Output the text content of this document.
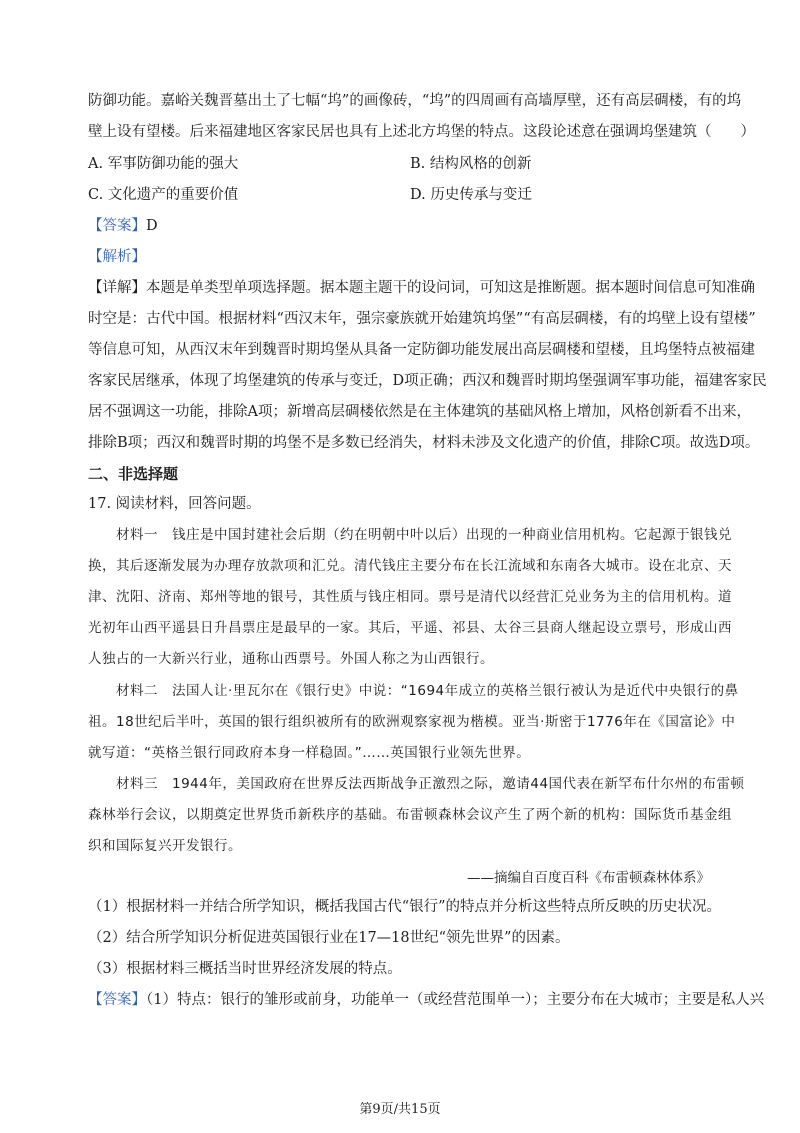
防御功能。嘉峪关魏晋墓出土了七幅“坞”的画像砖，“坞”的四周画有高墙厚壁，还有高层碉楼，有的坞

壁上设有望楼。后来福建地区客家民居也具有上述北方坞堡的特点。这段论述意在强调坞堡建筑（　　）

A. 军事防御功能的强大	B. 结构风格的创新
C. 文化遗产的重要价值	D. 历史传承与变迁

【答案】D

【解析】

【详解】本题是单类型单项选择题。据本题主题干的设问词，可知这是推断题。据本题时间信息可知准确

时空是：古代中国。根据材料“西汉末年，强宗豪族就开始建筑坞堡”“有高层碉楼，有的坞壁上设有望楼”

等信息可知，从西汉末年到魏晋时期坞堡从具备一定防御功能发展出高层碉楼和望楼，且坞堡特点被福建

客家民居继承，体现了坞堡建筑的传承与变迁，D项正确；西汉和魏晋时期坞堡强调军事功能，福建客家民

居不强调这一功能，排除A项；新增高层碉楼依然是在主体建筑的基础风格上增加，风格创新看不出来，

排除B项；西汉和魏晋时期的坞堡不是多数已经消失，材料未涉及文化遗产的价值，排除C项。故选D项。

二、非选择题

17. 阅读材料，回答问题。

材料一　钱庄是中国封建社会后期（约在明朝中叶以后）出现的一种商业信用机构。它起源于银钱兑

换，其后逐渐发展为办理存放款项和汇兑。清代钱庄主要分布在长江流域和东南各大城市。设在北京、天

津、沈阳、济南、郑州等地的银号，其性质与钱庄相同。票号是清代以经营汇兑业务为主的信用机构。道

光初年山西平遥县日升昌票庄是最早的一家。其后，平遥、祁县、太谷三县商人继起设立票号，形成山西

人独占的一大新兴行业，通称山西票号。外国人称之为山西银行。

材料二　法国人让·里瓦尔在《银行史》中说：“1694年成立的英格兰银行被认为是近代中央银行的鼻

祖。18世纪后半叶，英国的银行组织被所有的欧洲观察家视为楷模。亚当·斯密于1776年在《国富论》中

就写道：“英格兰银行同政府本身一样稳固。”……英国银行业领先世界。

材料三　1944年，美国政府在世界反法西斯战争正激烈之际，邀请44国代表在新罕布什尔州的布雷顿

森林举行会议，以期奠定世界货币新秩序的基础。布雷顿森林会议产生了两个新的机构：国际货币基金组

织和国际复兴开发银行。

——摘编自百度百科《布雷顿森林体系》

（1）根据材料一并结合所学知识，概括我国古代“银行”的特点并分析这些特点所反映的历史状况。

（2）结合所学知识分析促进英国银行业在17—18世纪“领先世界”的因素。

（3）根据材料三概括当时世界经济发展的特点。

【答案】（1）特点：银行的雏形或前身，功能单一（或经营范围单一）；主要分布在大城市；主要是私人兴

第9页/共15页
